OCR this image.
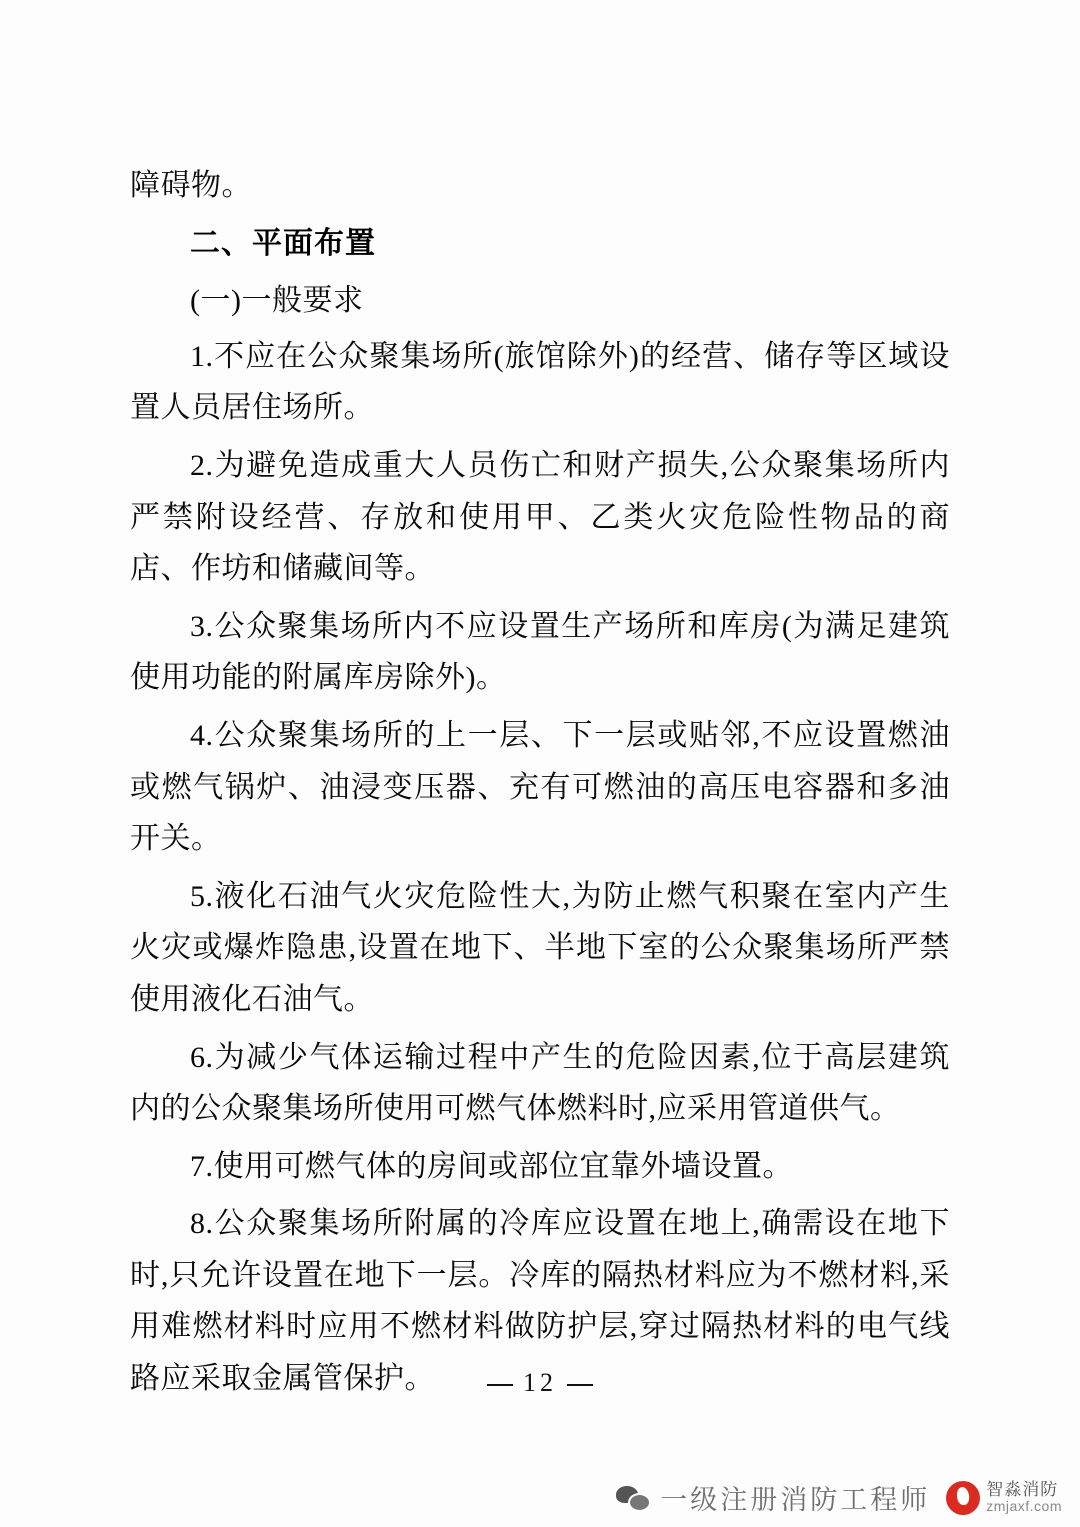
障碍物。

二、平面布置

(一)一般要求

1.不应在公众聚集场所(旅馆除外)的经营、储存等区域设置人员居住场所。

2.为避免造成重大人员伤亡和财产损失,公众聚集场所内严禁附设经营、存放和使用甲、乙类火灾危险性物品的商店、作坊和储藏间等。

3.公众聚集场所内不应设置生产场所和库房(为满足建筑使用功能的附属库房除外)。

4.公众聚集场所的上一层、下一层或贴邻,不应设置燃油或燃气锅炉、油浸变压器、充有可燃油的高压电容器和多油开关。

5.液化石油气火灾危险性大,为防止燃气积聚在室内产生火灾或爆炸隐患,设置在地下、半地下室的公众聚集场所严禁使用液化石油气。

6.为减少气体运输过程中产生的危险因素,位于高层建筑内的公众聚集场所使用可燃气体燃料时,应采用管道供气。

7.使用可燃气体的房间或部位宜靠外墙设置。

8.公众聚集场所附属的冷库应设置在地上,确需设在地下时,只允许设置在地下一层。冷库的隔热材料应为不燃材料,采用难燃材料时应用不燃材料做防护层,穿过隔热材料的电气线路应采取金属管保护。	12
一级注册消防工程师	智淼消防
zmjaxf.com
